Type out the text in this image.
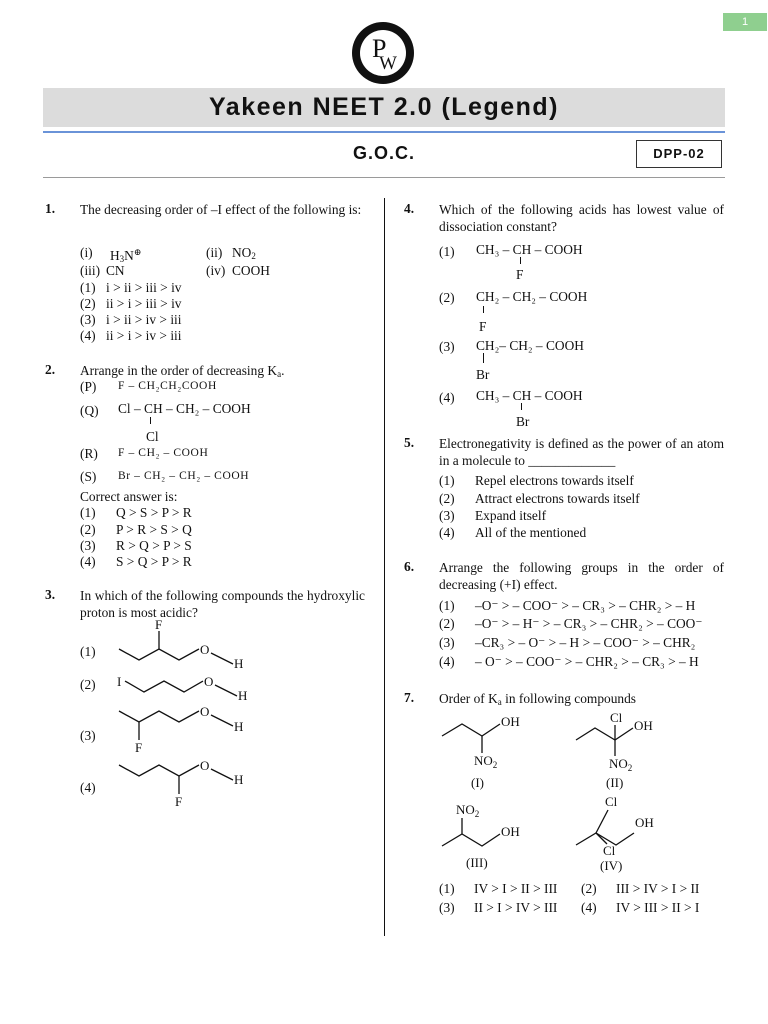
1
P
W
Yakeen NEET 2.0 (Legend)
G.O.C.	DPP-02
1. The decreasing order of –I effect of the following is:
(i) $H_3N^\oplus$	(ii) $NO_2$
(iii) CN	(iv) COOH
(1) i > ii > iii > iv
(2) ii > i > iii > iv
(3) i > ii > iv > iii
(4) ii > i > iv > iii
2. Arrange in the order of decreasing $K_a$.
(P) F – CH₂CH₂COOH
(Q) Cl – CH – CH₂ – COOH
Cl
(R) F – CH₂ – COOH
(S) Br – CH₂ – CH₂ – COOH
Correct answer is:
(1) Q > S > P > R
(2) P > R > S > Q
(3) R > Q > P > S
(4) S > Q > P > R
3. In which of the following compounds the hydroxylic proton is most acidic?
(1)
F
O
H
(2) I	O
H
(3)
F
O
H
(4)
F
O
H
4. Which of the following acids has lowest value of dissociation constant?
(1) CH₃ – CH – COOH
F
(2) CH₂ – CH₂ – COOH
F
(3) CH₂– CH₂ – COOH
Br
(4) CH₃ – CH – COOH
Br
5. Electronegativity is defined as the power of an atom in a molecule to _____________
(1) Repel electrons towards itself
(2) Attract electrons towards itself
(3) Expand itself
(4) All of the mentioned
6. Arrange the following groups in the order of decreasing (+I) effect.
(1) –O⁻ > – COO⁻ > – CR₃ > – CHR₂ > – H
(2) –O⁻ > – H⁻ > – CR₃ > – CHR₂ > – COO⁻
(3) –CR₃ > – O⁻ > – H > – COO⁻ > – CHR₂
(4) – O⁻ > – COO⁻ > – CHR₂ > – CR₃ > – H
7. Order of $K_a$ in following compounds
OH
$NO_2$
(I)
Cl
OH
$NO_2$
(II)
$NO_2$
OH
(III)
Cl
Cl
OH
(IV)
(1) IV > I > II > III (2) III > IV > I > II
(3) II > I > IV > III (4) IV > III > II > I
